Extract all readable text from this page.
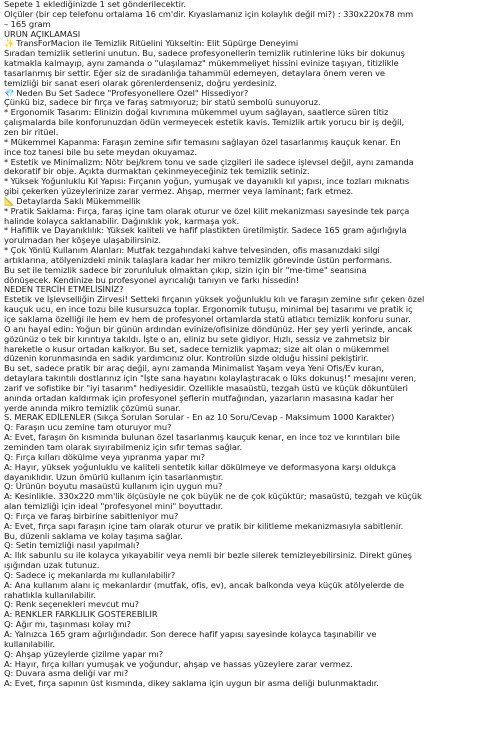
Sepete 1 eklediğinizde 1 set gönderilecektir.
Ölçüler (bir cep telefonu ortalama 16 cm'dir. Kıyaslamanız için kolaylık değil mi?) : 330x220x78 mm
– 165 gram
ÜRÜN AÇIKLAMASI
✨ TransForMacion ile Temizlik Ritüelini Yükseltin: Elit Süpürge Deneyimi
Sıradan temizlik setlerini unutun. Bu, sadece profesyonellerin temizlik rutinlerine lüks bir dokunuş
katmakla kalmayıp, aynı zamanda o "ulaşılamaz" mükemmeliyet hissini evinize taşıyan, titizlikle
tasarlanmış bir settir. Eğer siz de sıradanlığa tahammül edemeyen, detaylara önem veren ve
temizliği bir sanat eseri olarak görenlerdenseniz, doğru yerdesiniz.
💎 Neden Bu Set Sadece "Profesyonellere Özel" Hissediyor?
Çünkü biz, sadece bir fırça ve faraş satmıyoruz; bir statü sembolü sunuyoruz.
* Ergonomik Tasarım: Elinizin doğal kıvrımına mükemmel uyum sağlayan, saatlerce süren titiz
çalışmalarda bile konforunuzdan ödün vermeyecek estetik kavis. Temizlik artık yorucu bir iş değil,
zen bir ritüel.
* Mükemmel Kapanma: Faraşın zemine sıfır temasını sağlayan özel tasarlanmış kauçuk kenar. En
ince toz tanesi bile bu sete meydan okuyamaz.
* Estetik ve Minimalizm: Nötr bej/krem tonu ve sade çizgileri ile sadece işlevsel değil, aynı zamanda
dekoratif bir obje. Açıkta durmaktan çekinmeyeceğiniz tek temizlik setiniz.
* Yüksek Yoğunluklu Kıl Yapısı: Fırçanın yoğun, yumuşak ve dayanıklı kıl yapısı, ince tozları mıknatıs
gibi çekerken yüzeylerinize zarar vermez. Ahşap, mermer veya laminant; fark etmez.
📐 Detaylarda Saklı Mükemmellik
* Pratik Saklama: Fırça, faraş içine tam olarak oturur ve özel kilit mekanizması sayesinde tek parça
halinde kolayca saklanabilir. Dağınıklık yok, karmaşa yok.
* Hafiflik ve Dayanıklılık: Yüksek kaliteli ve hafif plastikten üretilmiştir. Sadece 165 gram ağırlığıyla
yorulmadan her köşeye ulaşabilirsiniz.
* Çok Yönlü Kullanım Alanları: Mutfak tezgahındaki kahve telvesinden, ofis masanızdaki silgi
artıklarına, atölyenizdeki minik talaşlara kadar her mikro temizlik görevinde üstün performans.
Bu set ile temizlik sadece bir zorunluluk olmaktan çıkıp, sizin için bir "me-time" seansına
dönüşecek. Kendinize bu profesyonel ayrıcalığı tanıyın ve farkı hissedin!
NEDEN TERCİH ETMELİSİNİZ?
Estetik ve İşlevselliğin Zirvesi! Setteki fırçanın yüksek yoğunluklu kılı ve faraşın zemine sıfır çeken özel
kauçuk ucu, en ince tozu bile kusursuzca toplar. Ergonomik tutuşu, minimal bej tasarımı ve pratik iç
içe saklama özelliği ile hem ev hem de profesyonel ortamlarda statü atlatıcı temizlik konforu sunar.
O anı hayal edin: Yoğun bir günün ardından evinize/ofisinize döndünüz. Her şey yerli yerinde, ancak
gözünüz o tek bir kırıntıya takıldı. İşte o an, eliniz bu sete gidiyor. Hızlı, sessiz ve zahmetsiz bir
hareketle o kusur ortadan kalkıyor. Bu set, sadece temizlik yapmaz; size ait olan o mükemmel
düzenin korunmasında en sadık yardımcınız olur. Kontrolün sizde olduğu hissini pekiştirir.
Bu set, sadece pratik bir araç değil, aynı zamanda Minimalist Yaşam veya Yeni Ofis/Ev kuran,
detaylara takıntılı dostlarınız için "İşte sana hayatını kolaylaştıracak o lüks dokunuş!" mesajını veren,
zarif ve sofistike bir "iyi tasarım" hediyesidir. Özellikle masaüstü, tezgah üstü ve küçük dökuntüleri
anında ortadan kaldırmak için profesyonel şeflerin mutfağından, yazarların masasına kadar her
yerde anında mikro temizlik çözümü sunar.
S. MERAK EDİLENLER (Sıkça Sorulan Sorular - En az 10 Soru/Cevap - Maksimum 1000 Karakter)
Q: Faraşın ucu zemine tam oturuyor mu?
A: Evet, faraşın ön kısmında bulunan özel tasarlanmış kauçuk kenar, en ince toz ve kırıntıları bile
zeminden tam olarak sıyırabilmeniz için sıfır temas sağlar.
Q: Fırça kılları dökülme veya yıpranma yapar mı?
A: Hayır, yüksek yoğunluklu ve kaliteli sentetik kıllar dökülmeye ve deformasyona karşı oldukça
dayanıklıdır. Uzun ömürlü kullanım için tasarlanmıştır.
Q: Ürünün boyutu masaüstü kullanım için uygun mu?
A: Kesinlikle. 330x220 mm'lik ölçüsüyle ne çok büyük ne de çok küçüktür; masaüstü, tezgah ve küçük
alan temizliği için ideal "profesyonel mini" boyuttadır.
Q: Fırça ve faraş birbirine sabitleniyor mu?
A: Evet, fırça sapı faraşın içine tam olarak oturur ve pratik bir kilitleme mekanizmasıyla sabitlenir.
Bu, düzenli saklama ve kolay taşıma sağlar.
Q: Setin temizliği nasıl yapılmalı?
A: Ilık sabunlu su ile kolayca yıkayabilir veya nemli bir bezle silerek temizleyebilirsiniz. Direkt güneş
ışığından uzak tutunuz.
Q: Sadece iç mekanlarda mı kullanılabilir?
A: Ana kullanım alanı iç mekanlardır (mutfak, ofis, ev), ancak balkonda veya küçük atölyelerde de
rahatlıkla kullanılabilir.
Q: Renk seçenekleri mevcut mu?
A: RENKLER FARKLILIK GÖSTEREBİLİR
Q: Ağır mı, taşınması kolay mı?
A: Yalnızca 165 gram ağırlığındadır. Son derece hafif yapısı sayesinde kolayca taşınabilir ve
kullanılabilir.
Q: Ahşap yüzeylerde çizilme yapar mı?
A: Hayır, fırça kılları yumuşak ve yoğundur, ahşap ve hassas yüzeylere zarar vermez.
Q: Duvara asma deliği var mı?
A: Evet, fırça sapının üst kısmında, dikey saklama için uygun bir asma deliği bulunmaktadır.
